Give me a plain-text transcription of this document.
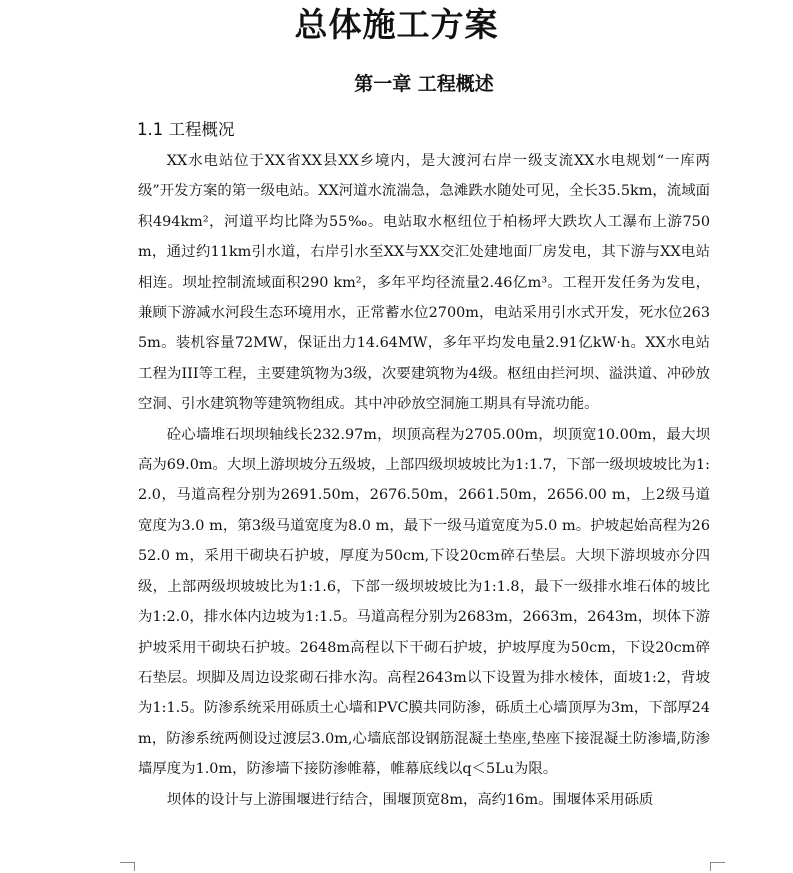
总体施工方案
第一章 工程概述
1.1 工程概况

XX水电站位于XX省XX县XX乡境内，是大渡河右岸一级支流XX水电规划“一库两级”开发方案的第一级电站。XX河道水流湍急，急滩跌水随处可见，全长35.5km，流域面积494km²，河道平均比降为55‰。电站取水枢纽位于柏杨坪大跌坎人工瀑布上游750m，通过约11km引水道，右岸引水至XX与XX交汇处建地面厂房发电，其下游与XX电站相连。坝址控制流域面积290 km²，多年平均径流量2.46亿m³。工程开发任务为发电，兼顾下游减水河段生态环境用水，正常蓄水位2700m，电站采用引水式开发，死水位2635m。装机容量72MW，保证出力14.64MW，多年平均发电量2.91亿kW·h。XX水电站工程为III等工程，主要建筑物为3级，次要建筑物为4级。枢纽由拦河坝、溢洪道、冲砂放空洞、引水建筑物等建筑物组成。其中冲砂放空洞施工期具有导流功能。

砼心墙堆石坝坝轴线长232.97m，坝顶高程为2705.00m，坝顶宽10.00m，最大坝高为69.0m。大坝上游坝坡分五级坡，上部四级坝坡坡比为1:1.7，下部一级坝坡坡比为1:2.0，马道高程分别为2691.50m，2676.50m，2661.50m，2656.00 m，上2级马道宽度为3.0 m，第3级马道宽度为8.0 m，最下一级马道宽度为5.0 m。护坡起始高程为2652.0 m，采用干砌块石护坡，厚度为50cm,下设20cm碎石垫层。大坝下游坝坡亦分四级，上部两级坝坡坡比为1:1.6，下部一级坝坡坡比为1:1.8，最下一级排水堆石体的坡比为1:2.0，排水体内边坡为1:1.5。马道高程分别为2683m，2663m，2643m，坝体下游护坡采用干砌块石护坡。2648m高程以下干砌石护坡，护坡厚度为50cm，下设20cm碎石垫层。坝脚及周边设浆砌石排水沟。高程2643m以下设置为排水棱体，面坡1:2，背坡为1:1.5。防渗系统采用砾质土心墙和PVC膜共同防渗，砾质土心墙顶厚为3m，下部厚24m，防渗系统两侧设过渡层3.0m,心墙底部设钢筋混凝土垫座,垫座下接混凝土防渗墙,防渗墙厚度为1.0m，防渗墙下接防渗帷幕，帷幕底线以q＜5Lu为限。

坝体的设计与上游围堰进行结合，围堰顶宽8m，高约16m。围堰体采用砾质
